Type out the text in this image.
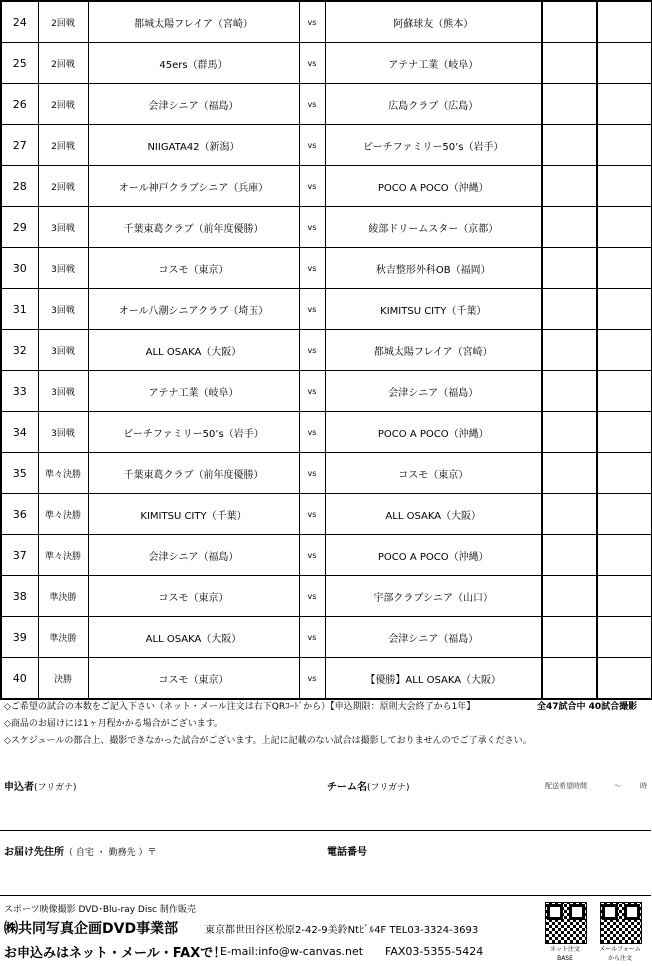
24	2回戦	都城太陽フレイア（宮崎）	vs	阿蘇球友（熊本）		
25	2回戦	45ers（群馬）	vs	アテナ工業（岐阜）		
26	2回戦	会津シニア（福島）	vs	広島クラブ（広島）		
27	2回戦	NIIGATA42（新潟）	vs	ピーチファミリー50’s（岩手）		
28	2回戦	オール神戸クラブシニア（兵庫）	vs	POCO A POCO（沖縄）		
29	3回戦	千葉東葛クラブ（前年度優勝）	vs	綾部ドリームスター（京都）		
30	3回戦	コスモ（東京）	vs	秋吉整形外科OB（福岡）		
31	3回戦	オール八潮シニアクラブ（埼玉）	vs	KIMITSU CITY（千葉）		
32	3回戦	ALL OSAKA（大阪）	vs	都城太陽フレイア（宮崎）		
33	3回戦	アテナ工業（岐阜）	vs	会津シニア（福島）		
34	3回戦	ピーチファミリー50’s（岩手）	vs	POCO A POCO（沖縄）		
35	準々決勝	千葉東葛クラブ（前年度優勝）	vs	コスモ（東京）		
36	準々決勝	KIMITSU CITY（千葉）	vs	ALL OSAKA（大阪）		
37	準々決勝	会津シニア（福島）	vs	POCO A POCO（沖縄）		
38	準決勝	コスモ（東京）	vs	宇部クラブシニア（山口）		
39	準決勝	ALL OSAKA（大阪）	vs	会津シニア（福島）		
40	決勝	コスモ（東京）	vs	【優勝】ALL OSAKA（大阪）		
◇ご希望の試合の本数をご記入下さい（ネット・メール注文は右下QRｺｰﾄﾞから）【申込期限：原則大会終了から1年】
◇商品のお届けには1ヶ月程かかる場合がございます。
◇スケジュールの都合上、撮影できなかった試合がございます。上記に記載のない試合は撮影しておりませんのでご了承ください。
全47試合中 40試合撮影
申込者(フリガナ)	チーム名(フリガナ)	配送希望時間	～	時
お届け先住所（ 自宅 ・ 勤務先 ）〒	電話番号
スポーツ映像撮影 DVD･Blu-ray Disc 制作販売
㈱共同写真企画DVD事業部	東京都世田谷区松原2-42-9美鈴Ntﾋﾞﾙ4F TEL03-3324-3693
お申込みはネット・メール・FAXで！
E-mail:info@w-canvas.net FAX03-5355-5424	ネット注文
BASE
メールフォーム
から注文
